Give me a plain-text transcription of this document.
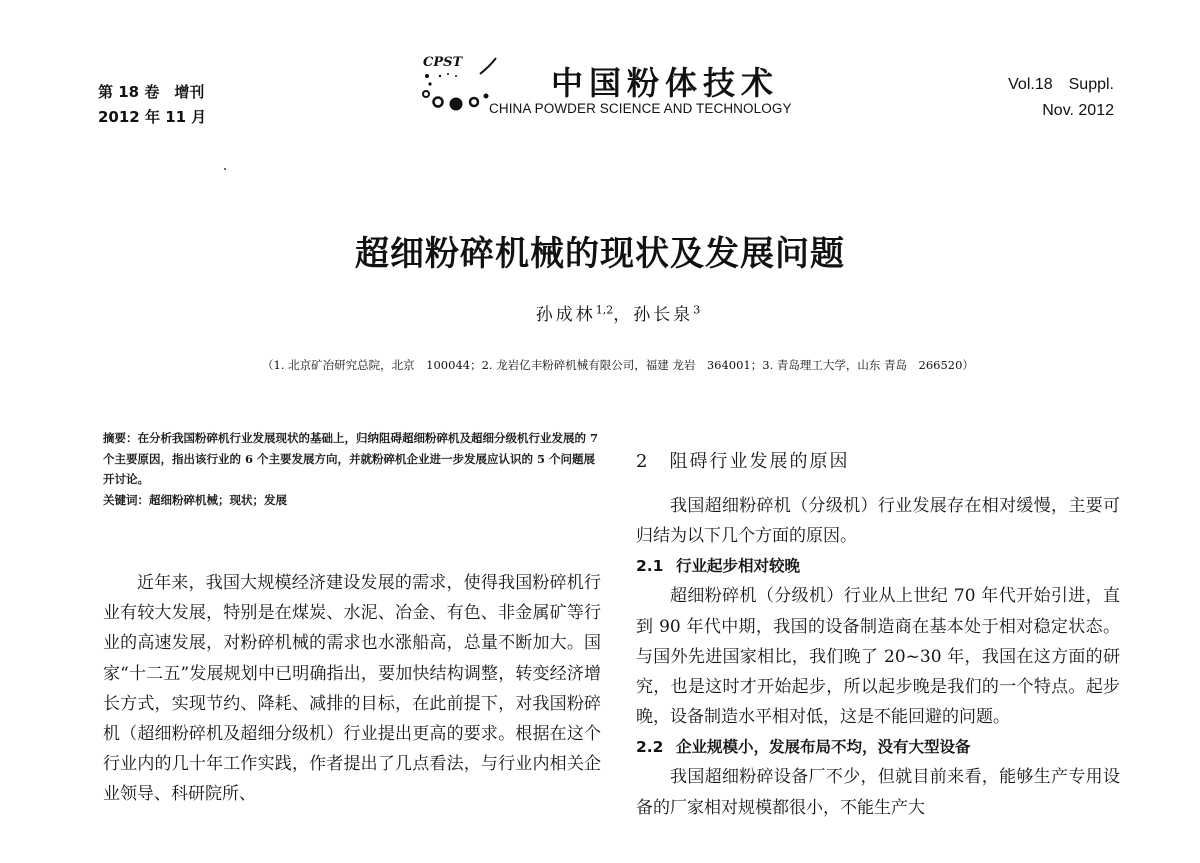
第 18 卷　增刊
2012 年 11 月
CPST
中国粉体技术
CHINA POWDER SCIENCE AND TECHNOLOGY
Vol.18　Suppl.
Nov. 2012
超细粉碎机械的现状及发展问题
孙成林$^{1,2}$，孙长泉$^3$
（1. 北京矿冶研究总院，北京　100044；2. 龙岩亿丰粉碎机械有限公司，福建 龙岩　364001；3. 青岛理工大学，山东 青岛　266520）

摘要：在分析我国粉碎机行业发展现状的基础上，归纳阻碍超细粉碎机及超细分级机行业发展的 7 个主要原因，指出该行业的 6 个主要发展方向，并就粉碎机企业进一步发展应认识的 5 个问题展开讨论。

关键词：超细粉碎机械；现状；发展

近年来，我国大规模经济建设发展的需求，使得我国粉碎机行业有较大发展，特别是在煤炭、水泥、冶金、有色、非金属矿等行业的高速发展，对粉碎机械的需求也水涨船高，总量不断加大。国家“十二五”发展规划中已明确指出，要加快结构调整，转变经济增长方式，实现节约、降耗、减排的目标，在此前提下，对我国粉碎机（超细粉碎机及超细分级机）行业提出更高的要求。根据在这个行业内的几十年工作实践，作者提出了几点看法，与行业内相关企业领导、科研院所、

2　阻碍行业发展的原因

我国超细粉碎机（分级机）行业发展存在相对缓慢，主要可归结为以下几个方面的原因。

2.1 行业起步相对较晚

超细粉碎机（分级机）行业从上世纪 70 年代开始引进，直到 90 年代中期，我国的设备制造商在基本处于相对稳定状态。与国外先进国家相比，我们晚了 20~30 年，我国在这方面的研究，也是这时才开始起步，所以起步晚是我们的一个特点。起步晚，设备制造水平相对低，这是不能回避的问题。

2.2 企业规模小，发展布局不均，没有大型设备

我国超细粉碎设备厂不少，但就目前来看，能够生产专用设备的厂家相对规模都很小，不能生产大
